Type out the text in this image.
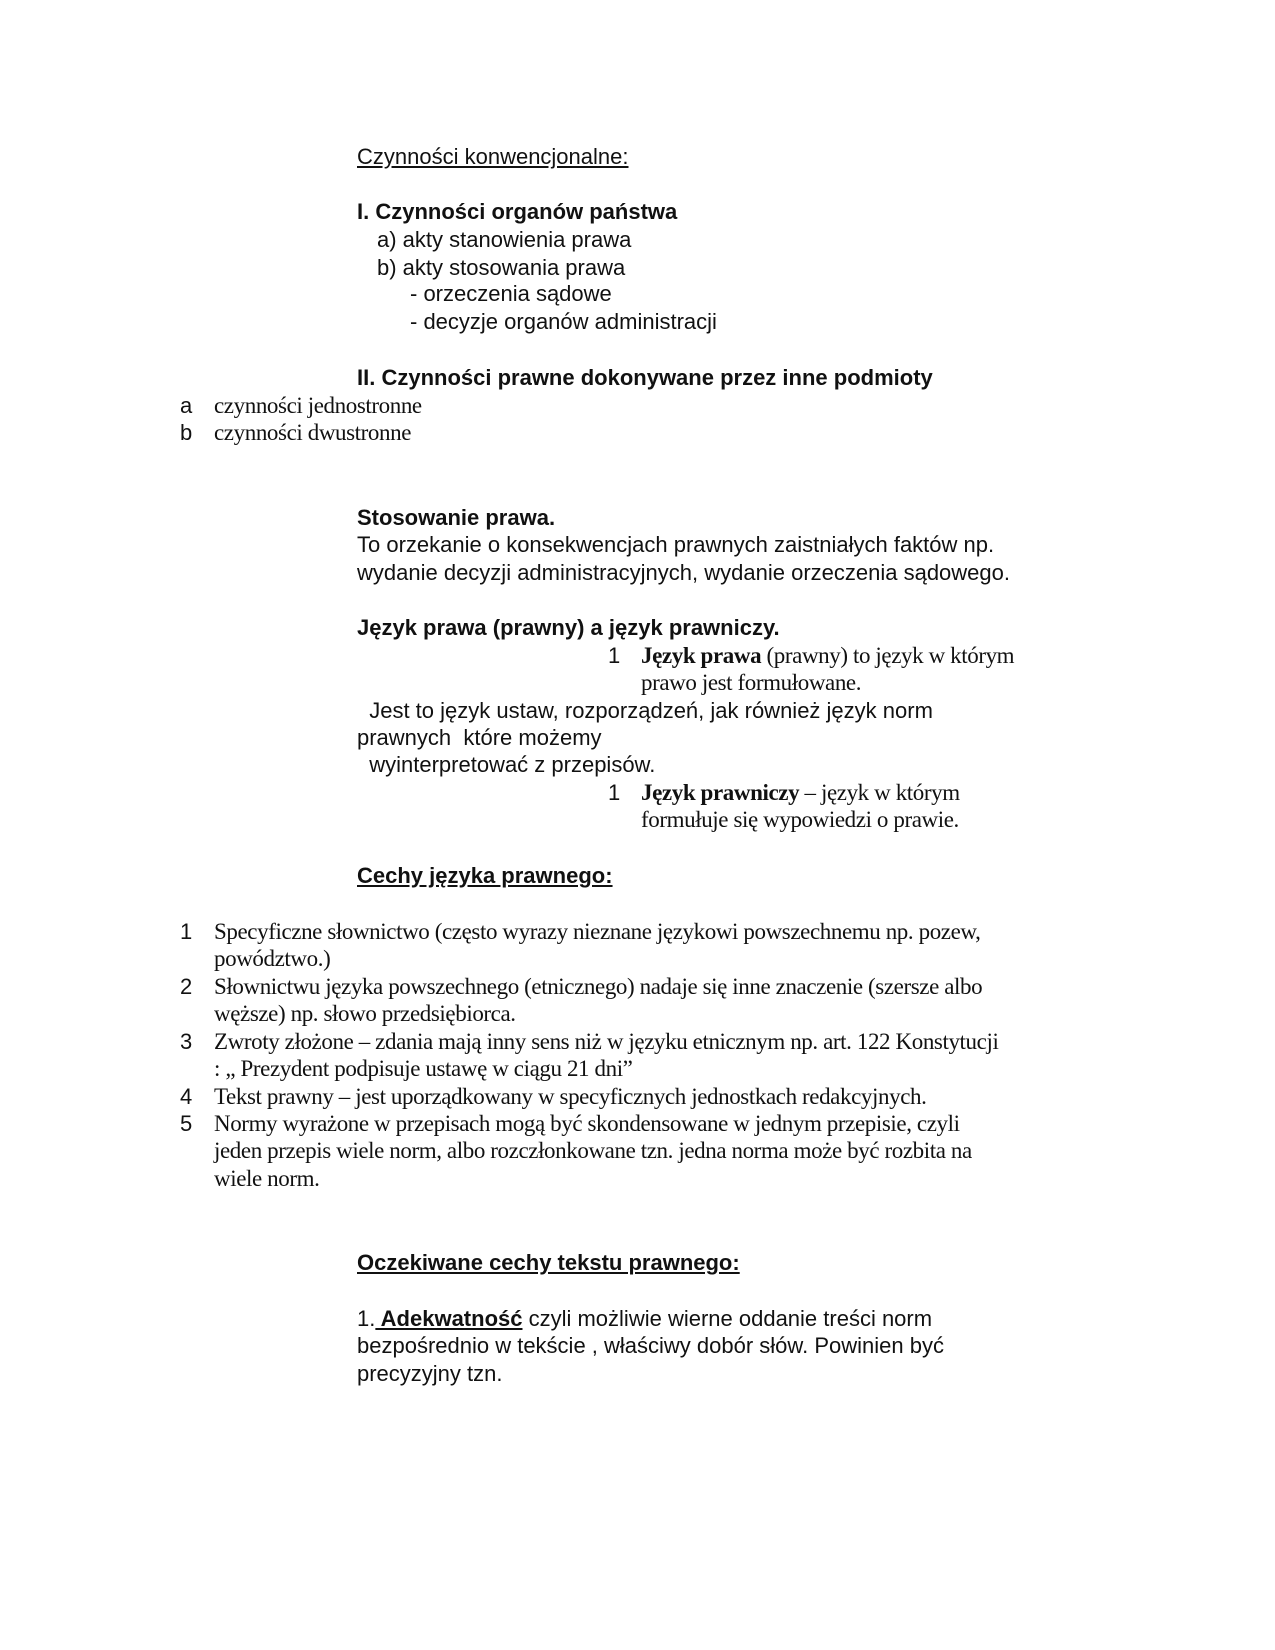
Czynności konwencjonalne:
I. Czynności organów państwa
a) akty stanowienia prawa
b) akty stosowania prawa
- orzeczenia sądowe
- decyzje organów administracji
II. Czynności prawne dokonywane przez inne podmioty
a czynności jednostronne
b czynności dwustronne
Stosowanie prawa.
To orzekanie o konsekwencjach prawnych zaistniałych faktów np.
wydanie decyzji administracyjnych, wydanie orzeczenia sądowego.
Język prawa (prawny) a język prawniczy.
1 Język prawa (prawny) to język w którym
prawo jest formułowane.
Jest to język ustaw, rozporządzeń, jak również język norm
prawnych  które możemy
wyinterpretować z przepisów.
1 Język prawniczy – język w którym
formułuje się wypowiedzi o prawie.
Cechy języka prawnego:
1 Specyficzne słownictwo (często wyrazy nieznane językowi powszechnemu np. pozew,
powództwo.)
2 Słownictwu języka powszechnego (etnicznego) nadaje się inne znaczenie (szersze albo
węższe) np. słowo przedsiębiorca.
3 Zwroty złożone – zdania mają inny sens niż w języku etnicznym np. art. 122 Konstytucji
: „ Prezydent podpisuje ustawę w ciągu 21 dni”
4 Tekst prawny – jest uporządkowany w specyficznych jednostkach redakcyjnych.
5 Normy wyrażone w przepisach mogą być skondensowane w jednym przepisie, czyli
jeden przepis wiele norm, albo rozczłonkowane tzn. jedna norma może być rozbita na
wiele norm.
Oczekiwane cechy tekstu prawnego:
1. Adekwatność czyli możliwie wierne oddanie treści norm
bezpośrednio w tekście , właściwy dobór słów. Powinien być
precyzyjny tzn.
